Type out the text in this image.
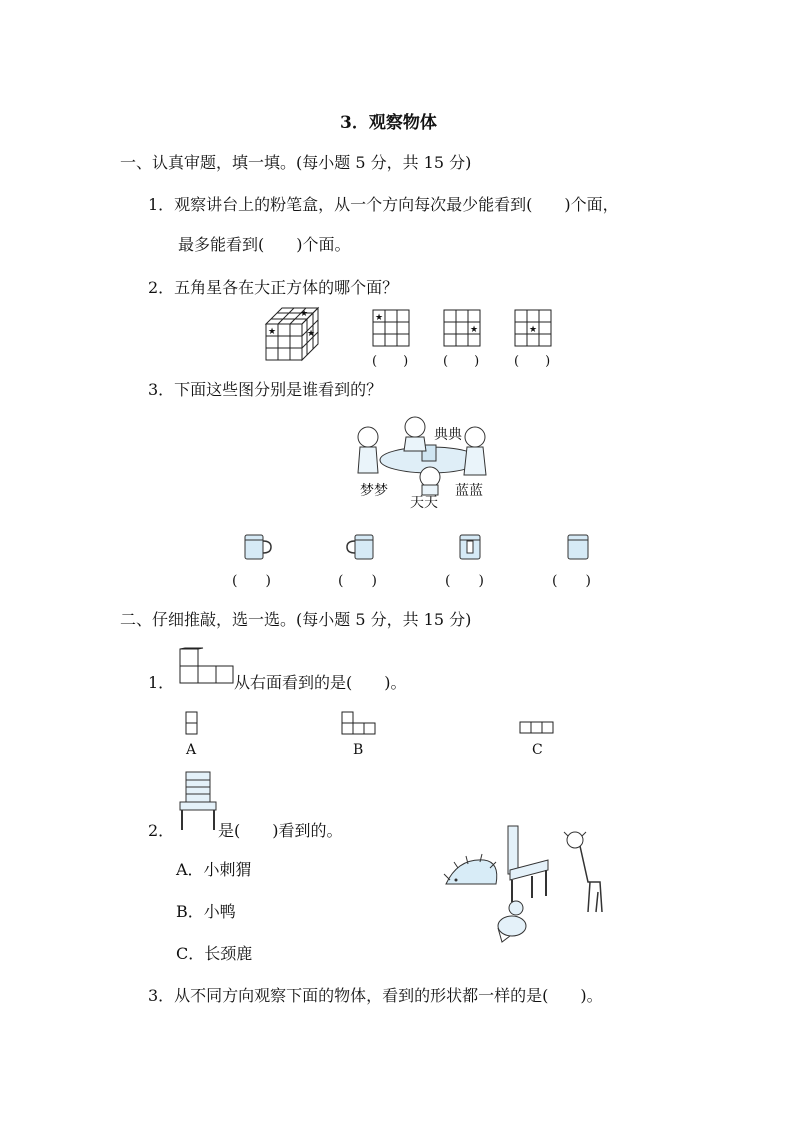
3．观察物体
一、认真审题，填一填。(每小题 5 分，共 15 分)
1．观察讲台上的粉笔盒，从一个方向每次最少能看到(　　)个面，
最多能看到(　　)个面。
2．五角星各在大正方体的哪个面？
★
★
★
★
★	★
(　　)	(　　)	(　　)
3．下面这些图分别是谁看到的？
典典
梦梦
天天
蓝蓝
(　　)	(　　)	(　　)	(　　)
二、仔细推敲，选一选。(每小题 5 分，共 15 分)
1．	从右面看到的是(　　)。
A	B	C
2．	是(　　)看到的。
A．小刺猬
B．小鸭
C．长颈鹿
3．从不同方向观察下面的物体，看到的形状都一样的是(　　)。
